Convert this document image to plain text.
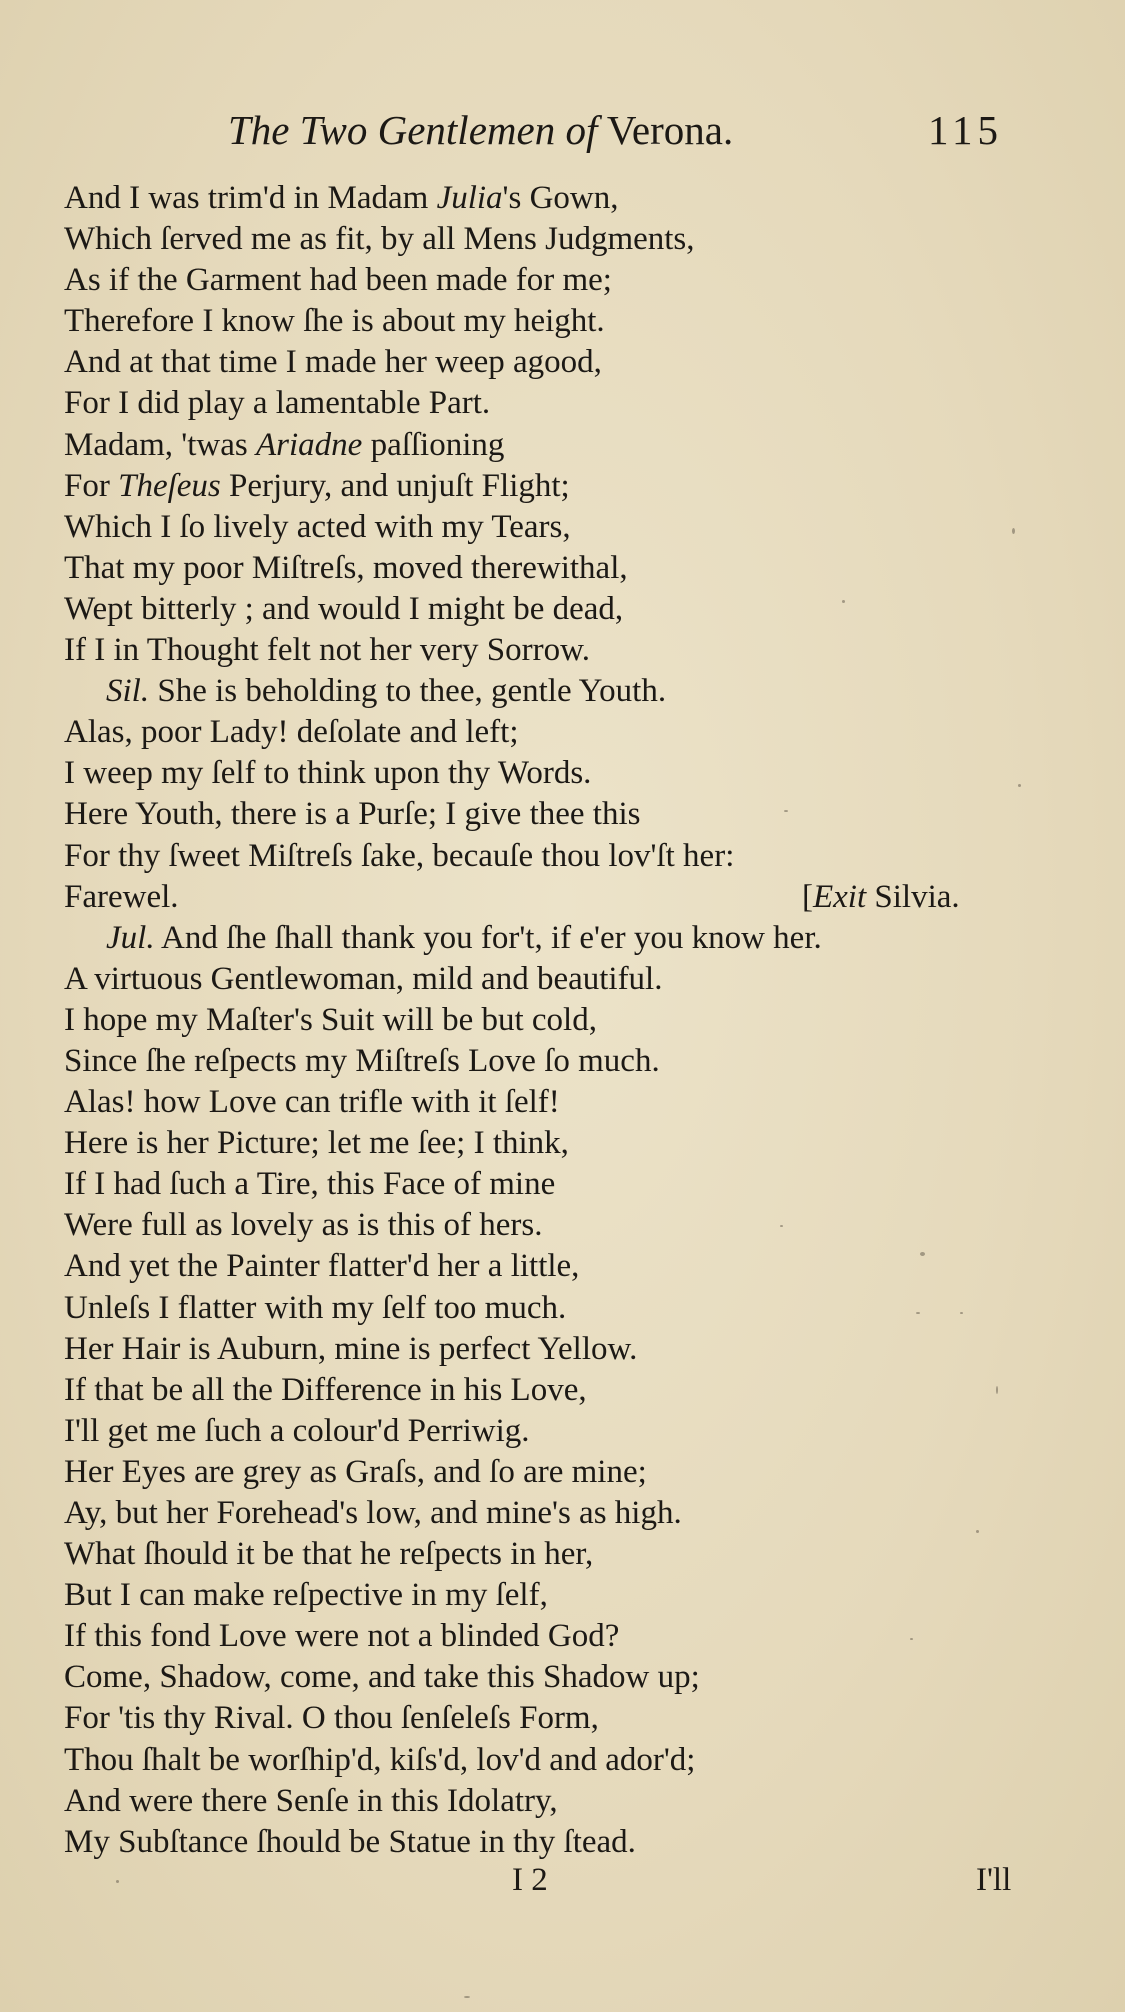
The Two Gentlemen of Verona.	115
And I was trim'd in Madam Julia's Gown,
Which ſerved me as fit, by all Mens Judgments,
As if the Garment had been made for me;
Therefore I know ſhe is about my height.
And at that time I made her weep agood,
For I did play a lamentable Part.
Madam, 'twas Ariadne paſſioning
For Theſeus Perjury, and unjuſt Flight;
Which I ſo lively acted with my Tears,
That my poor Miſtreſs, moved therewithal,
Wept bitterly ; and would I might be dead,
If I in Thought felt not her very Sorrow.
Sil. She is beholding to thee, gentle Youth.
Alas, poor Lady! deſolate and left;
I weep my ſelf to think upon thy Words.
Here Youth, there is a Purſe; I give thee this
For thy ſweet Miſtreſs ſake, becauſe thou lov'ſt her:
Farewel.	[Exit Silvia.
Jul. And ſhe ſhall thank you for't, if e'er you know her.
A virtuous Gentlewoman, mild and beautiful.
I hope my Maſter's Suit will be but cold,
Since ſhe reſpects my Miſtreſs Love ſo much.
Alas! how Love can trifle with it ſelf!
Here is her Picture; let me ſee; I think,
If I had ſuch a Tire, this Face of mine
Were full as lovely as is this of hers.
And yet the Painter flatter'd her a little,
Unleſs I flatter with my ſelf too much.
Her Hair is Auburn, mine is perfect Yellow.
If that be all the Difference in his Love,
I'll get me ſuch a colour'd Perriwig.
Her Eyes are grey as Graſs, and ſo are mine;
Ay, but her Forehead's low, and mine's as high.
What ſhould it be that he reſpects in her,
But I can make reſpective in my ſelf,
If this fond Love were not a blinded God?
Come, Shadow, come, and take this Shadow up;
For 'tis thy Rival. O thou ſenſeleſs Form,
Thou ſhalt be worſhip'd, kiſs'd, lov'd and ador'd;
And were there Senſe in this Idolatry,
My Subſtance ſhould be Statue in thy ſtead.
I 2	I'll
